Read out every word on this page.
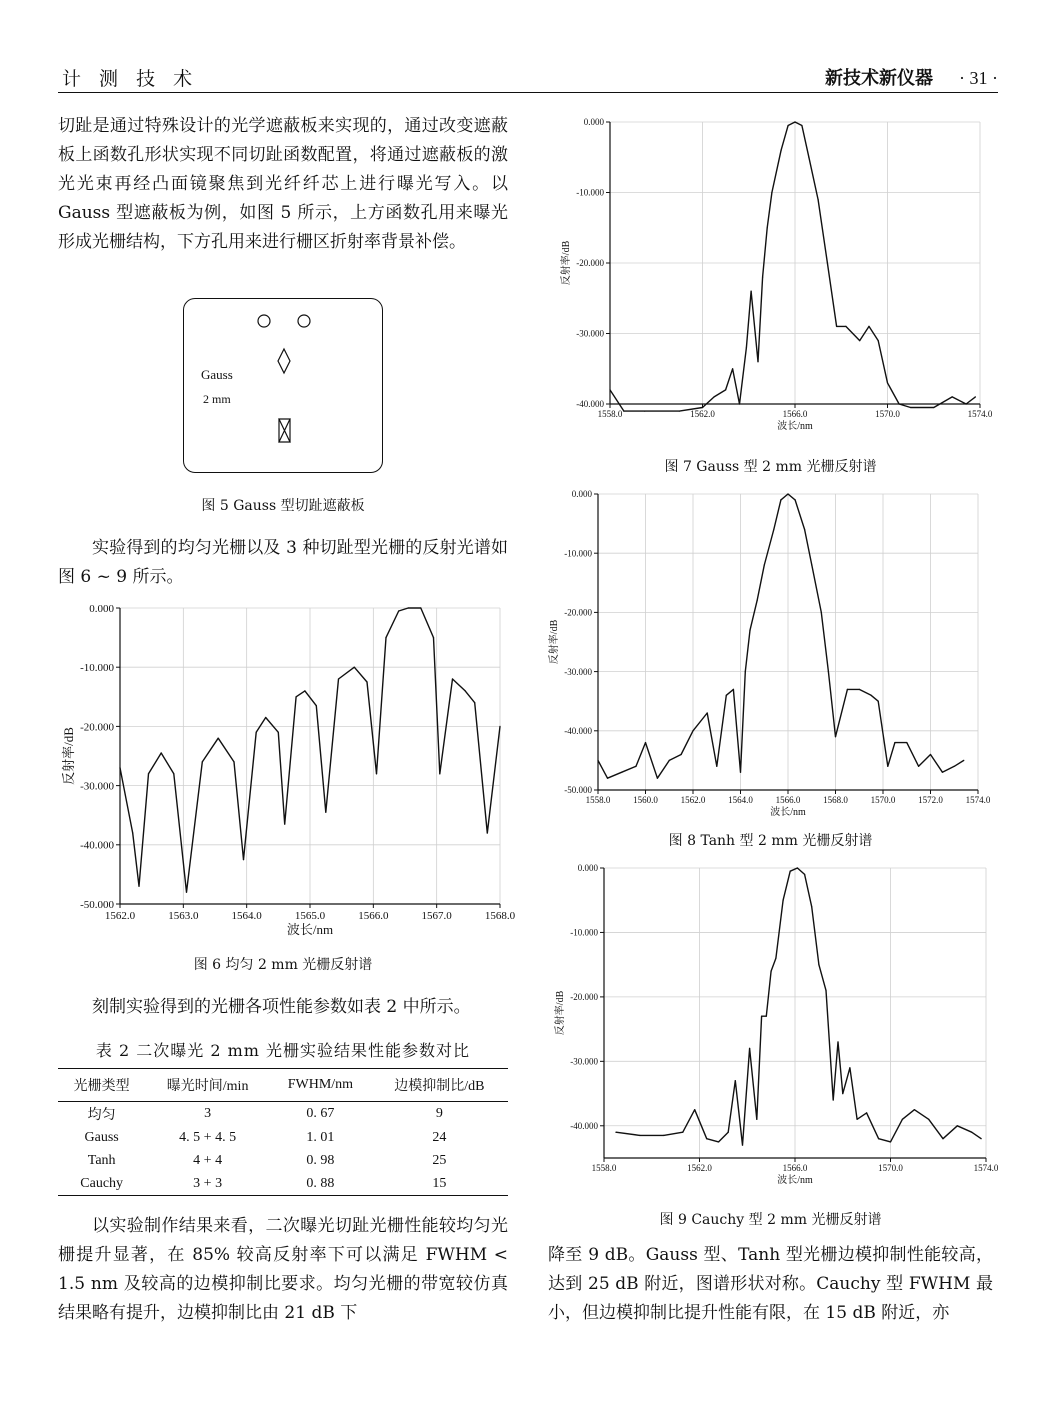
计 测 技 术	新技术新仪器 · 31 ·

切趾是通过特殊设计的光学遮蔽板来实现的，通过改变遮蔽板上函数孔形状实现不同切趾函数配置，将通过遮蔽板的激光光束再经凸面镜聚焦到光纤纤芯上进行曝光写入。以 Gauss 型遮蔽板为例，如图 5 所示，上方函数孔用来曝光形成光栅结构，下方孔用来进行栅区折射率背景补偿。

Gauss
2 mm
图 5 Gauss 型切趾遮蔽板

实验得到的均匀光栅以及 3 种切趾型光栅的反射光谱如图 6 ~ 9 所示。

1562.0	1563.0	1564.0	1565.0	1566.0	1567.0	1568.0
0.000
-10.000
-20.000
-30.000
-40.000
-50.000
波长/nm
反射率/dB
图 6 均匀 2 mm 光栅反射谱

刻制实验得到的光栅各项性能参数如表 2 中所示。

表 2 二次曝光 2 mm 光栅实验结果性能参数对比
光栅类型	曝光时间/min	FWHM/nm	边模抑制比/dB
均匀	3	0. 67	9
Gauss	4. 5 + 4. 5	1. 01	24
Tanh	4 + 4	0. 98	25
Cauchy	3 + 3	0. 88	15

以实验制作结果来看，二次曝光切趾光栅性能较均匀光栅提升显著，在 85% 较高反射率下可以满足 FWHM < 1.5 nm 及较高的边模抑制比要求。均匀光栅的带宽较仿真结果略有提升，边模抑制比由 21 dB 下

1558.0	1562.0	1566.0	1570.0	1574.0
0.000
-10.000
-20.000
-30.000
-40.000
波长/nm
反射率/dB
图 7 Gauss 型 2 mm 光栅反射谱
1558.0	1560.0	1562.0	1564.0	1566.0	1568.0	1570.0	1572.0	1574.0
0.000
-10.000
-20.000
-30.000
-40.000
-50.000
波长/nm
反射率/dB
图 8 Tanh 型 2 mm 光栅反射谱
1558.0	1562.0	1566.0	1570.0	1574.0
0.000
-10.000
-20.000
-30.000
-40.000
波长/nm
反射率/dB
图 9 Cauchy 型 2 mm 光栅反射谱

降至 9 dB。Gauss 型、Tanh 型光栅边模抑制性能较高，达到 25 dB 附近，图谱形状对称。Cauchy 型 FWHM 最小，但边模抑制比提升性能有限，在 15 dB 附近，亦
